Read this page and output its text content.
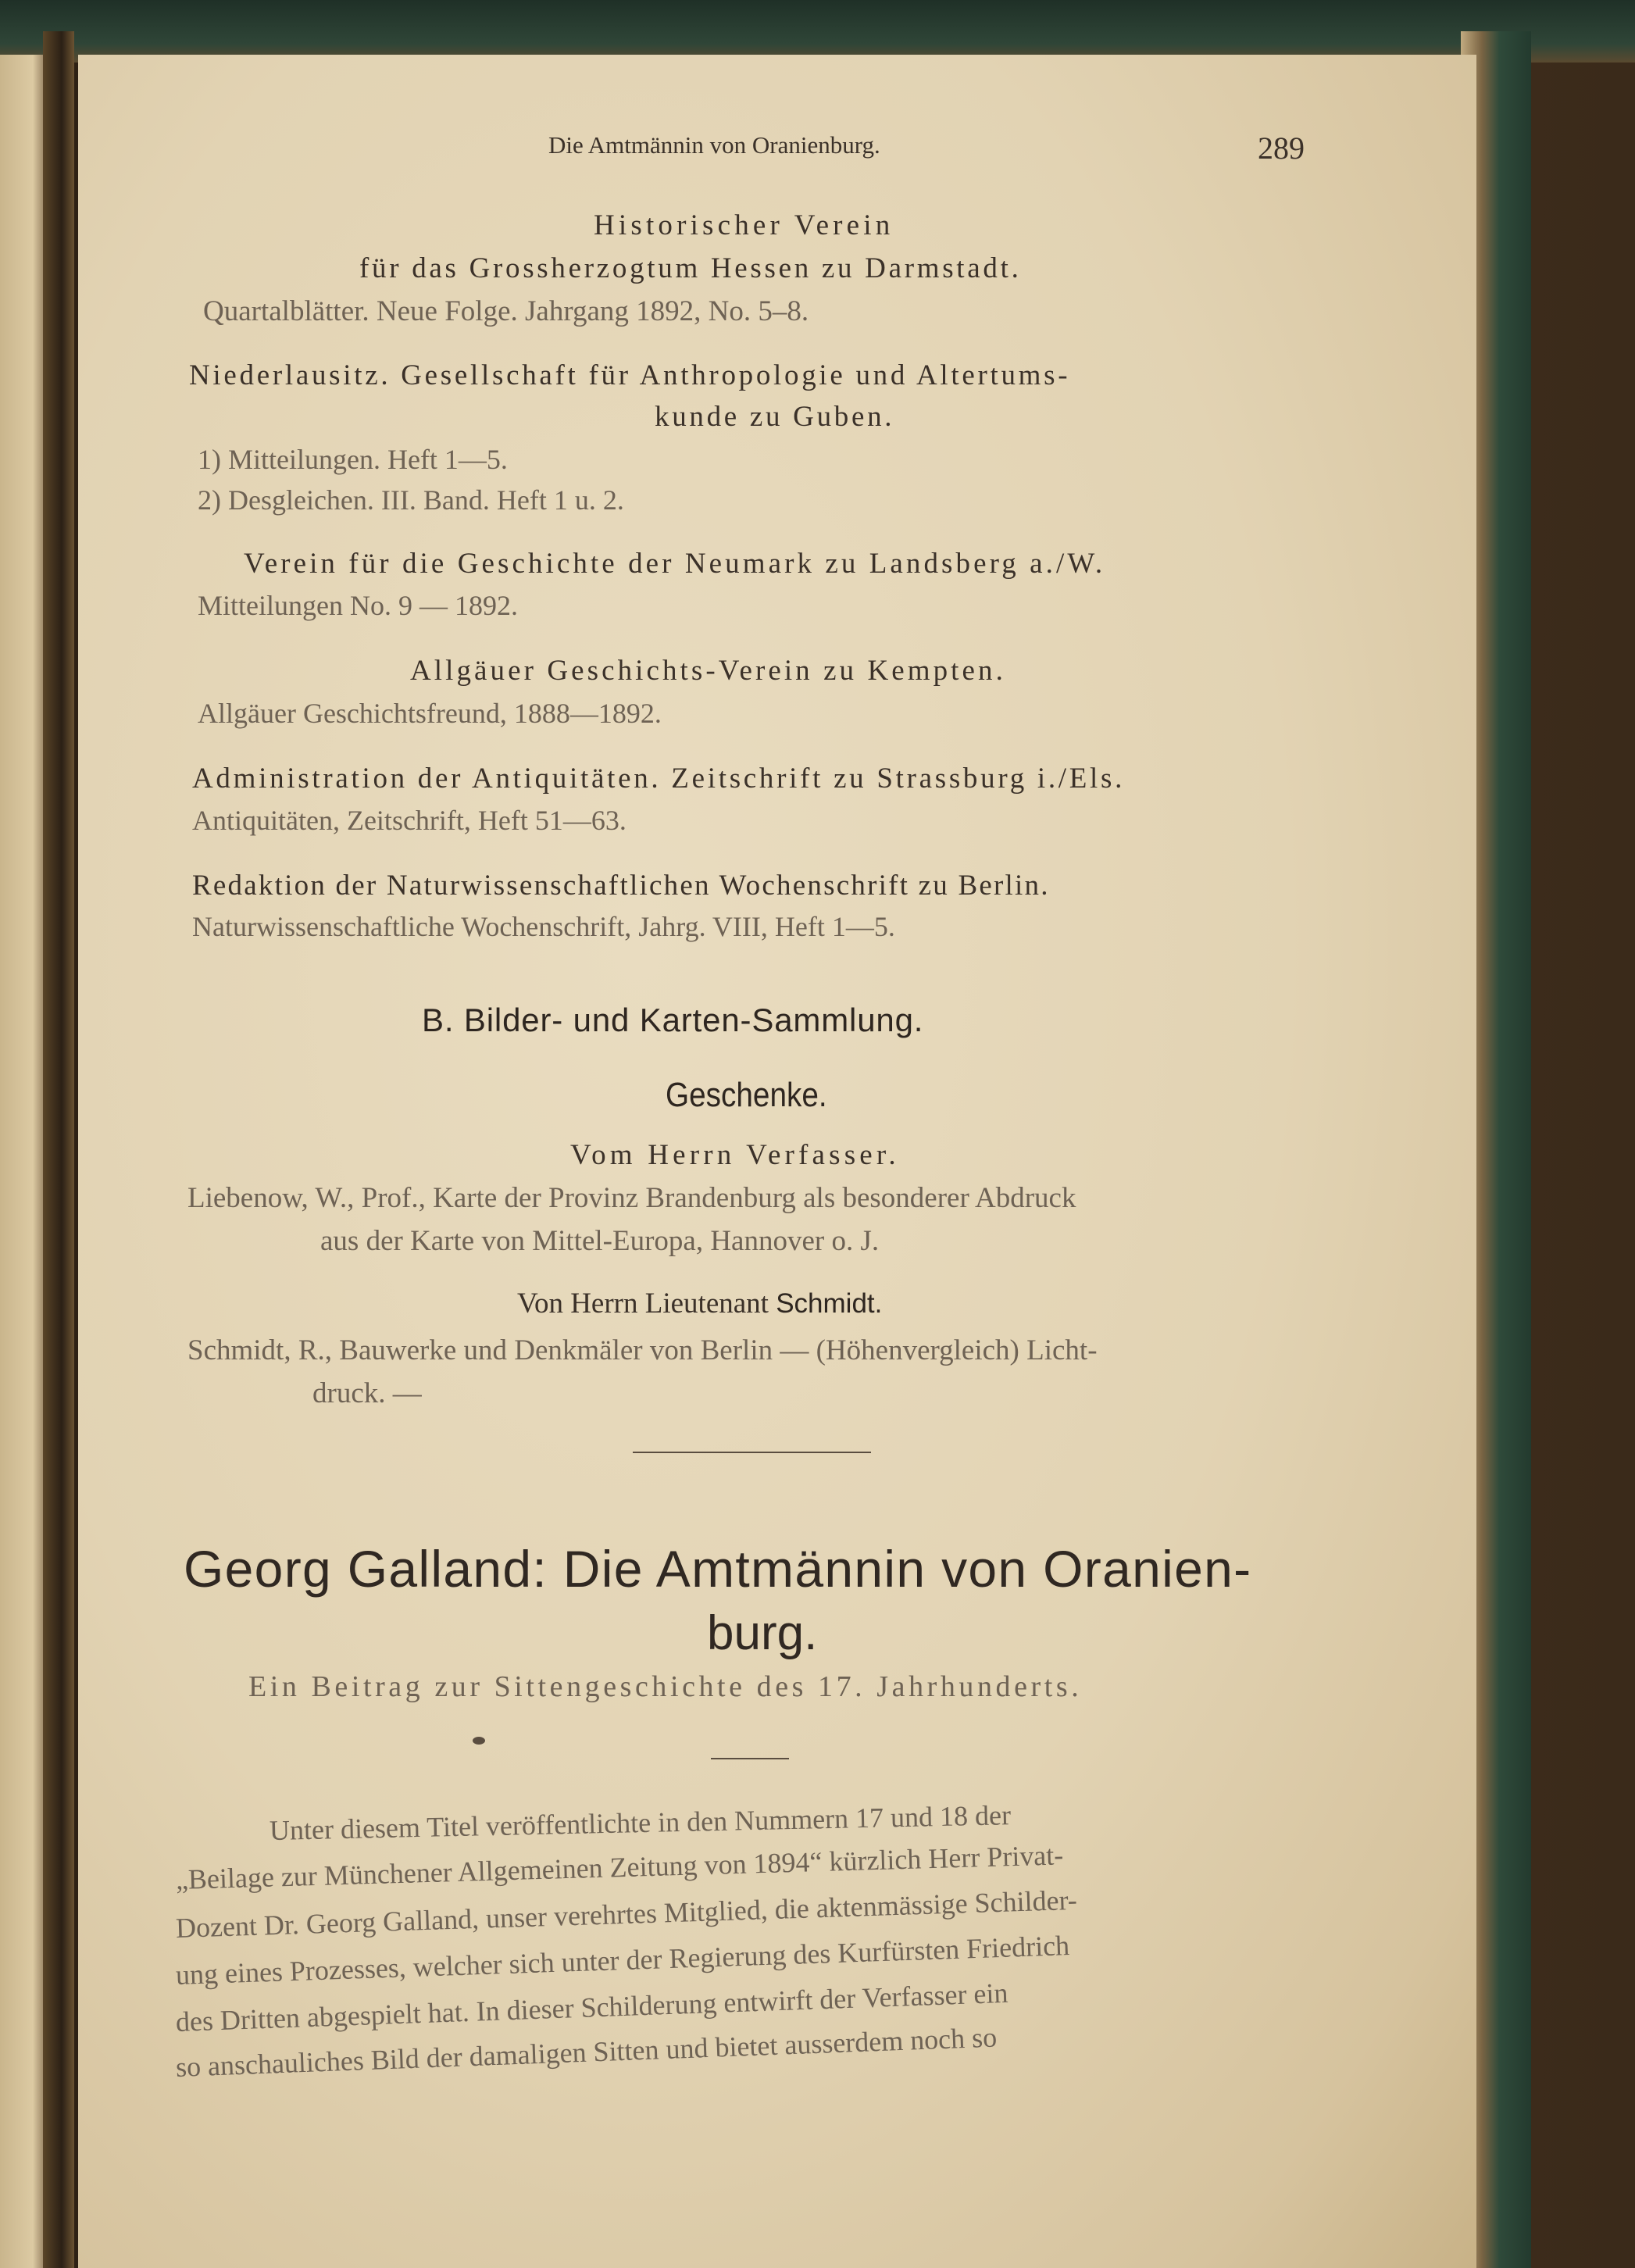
Die Amtmännin von Oranienburg.	289
Historischer Verein
für das Grossherzogtum Hessen zu Darmstadt.
Quartalblätter. Neue Folge. Jahrgang 1892, No. 5–8.
Niederlausitz. Gesellschaft für Anthropologie und Altertums-
kunde zu Guben.
1) Mitteilungen. Heft 1—5.
2) Desgleichen. III. Band. Heft 1 u. 2.
Verein für die Geschichte der Neumark zu Landsberg a./W.
Mitteilungen No. 9 — 1892.
Allgäuer Geschichts-Verein zu Kempten.
Allgäuer Geschichtsfreund, 1888—1892.
Administration der Antiquitäten. Zeitschrift zu Strassburg i./Els.
Antiquitäten, Zeitschrift, Heft 51—63.
Redaktion der Naturwissenschaftlichen Wochenschrift zu Berlin.
Naturwissenschaftliche Wochenschrift, Jahrg. VIII, Heft 1—5.
B. Bilder- und Karten-Sammlung.
Geschenke.
Vom Herrn Verfasser.
Liebenow, W., Prof., Karte der Provinz Brandenburg als besonderer Abdruck
aus der Karte von Mittel-Europa, Hannover o. J.
Von Herrn Lieutenant Schmidt.
Schmidt, R., Bauwerke und Denkmäler von Berlin — (Höhenvergleich) Licht-
druck. —
Georg Galland: Die Amtmännin von Oranien-
burg.
Ein Beitrag zur Sittengeschichte des 17. Jahrhunderts.
Unter diesem Titel veröffentlichte in den Nummern 17 und 18 der
„Beilage zur Münchener Allgemeinen Zeitung von 1894“ kürzlich Herr Privat-
Dozent Dr. Georg Galland, unser verehrtes Mitglied, die aktenmässige Schilder-
ung eines Prozesses, welcher sich unter der Regierung des Kurfürsten Friedrich
des Dritten abgespielt hat. In dieser Schilderung entwirft der Verfasser ein
so anschauliches Bild der damaligen Sitten und bietet ausserdem noch so
